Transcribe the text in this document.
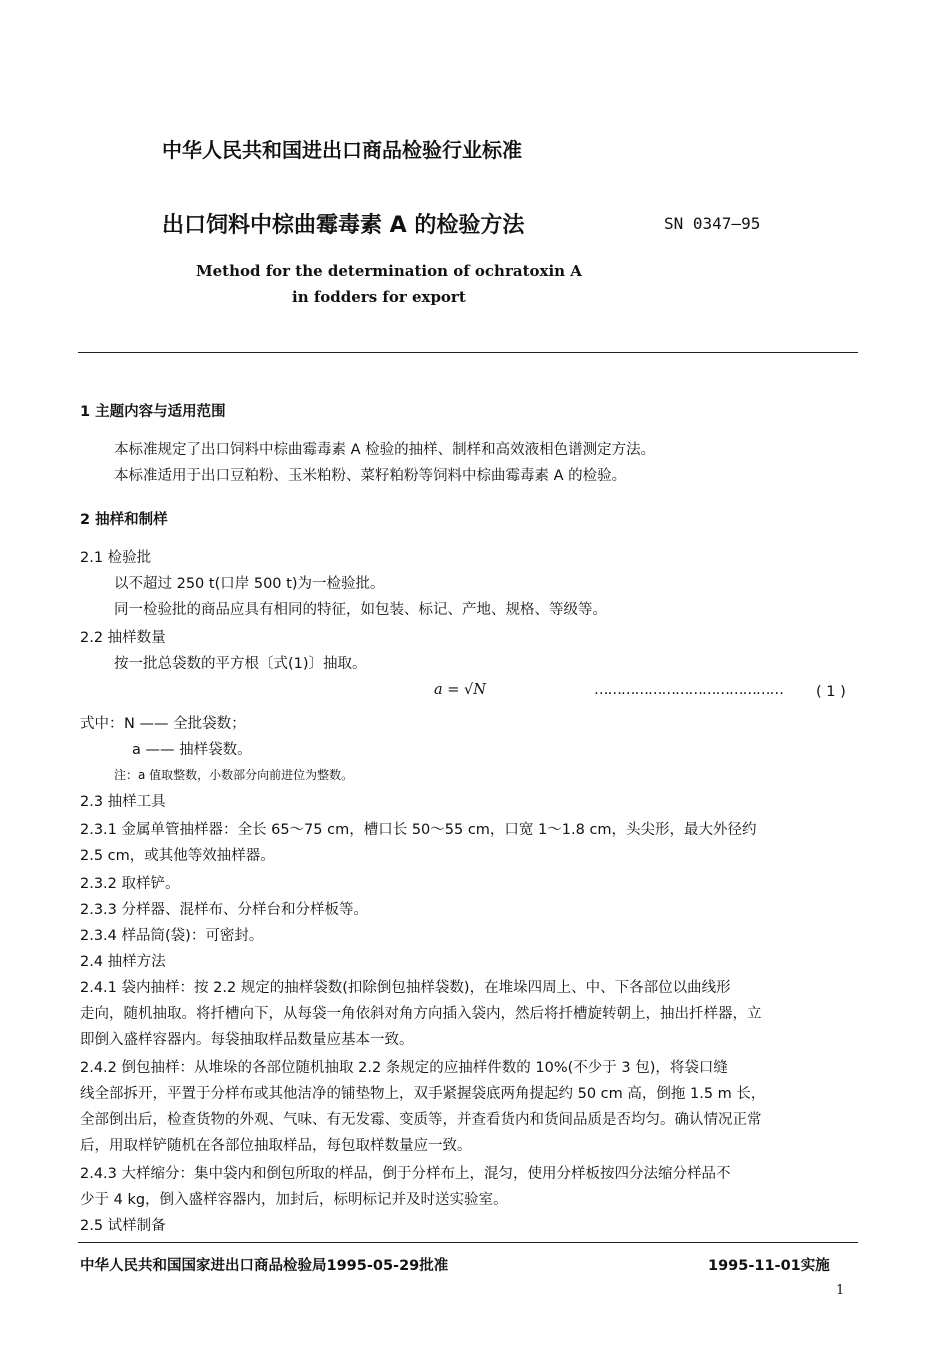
中华人民共和国进出口商品检验行业标准
出口饲料中棕曲霉毒素 A 的检验方法	SN 0347—95
Method for the determination of ochratoxin A
in fodders for export
1 主题内容与适用范围
本标准规定了出口饲料中棕曲霉毒素 A 检验的抽样、制样和高效液相色谱测定方法。
本标准适用于出口豆粕粉、玉米粕粉、菜籽粕粉等饲料中棕曲霉毒素 A 的检验。
2 抽样和制样
2.1 检验批
以不超过 250 t(口岸 500 t)为一检验批。
同一检验批的商品应具有相同的特征，如包装、标记、产地、规格、等级等。
2.2 抽样数量
按一批总袋数的平方根〔式(1)〕抽取。
a = √N	…………………………………… ( 1 )
式中： N —— 全批袋数；
a —— 抽样袋数。
注：a 值取整数，小数部分向前进位为整数。
2.3 抽样工具
2.3.1 金属单管抽样器：全长 65～75 cm，槽口长 50～55 cm，口宽 1～1.8 cm，头尖形，最大外径约
2.5 cm，或其他等效抽样器。
2.3.2 取样铲。
2.3.3 分样器、混样布、分样台和分样板等。
2.3.4 样品筒(袋)：可密封。
2.4 抽样方法
2.4.1 袋内抽样：按 2.2 规定的抽样袋数(扣除倒包抽样袋数)，在堆垛四周上、中、下各部位以曲线形
走向，随机抽取。将扦槽向下，从每袋一角依斜对角方向插入袋内，然后将扦槽旋转朝上，抽出扦样器，立
即倒入盛样容器内。每袋抽取样品数量应基本一致。
2.4.2 倒包抽样：从堆垛的各部位随机抽取 2.2 条规定的应抽样件数的 10%(不少于 3 包)，将袋口缝
线全部拆开，平置于分样布或其他洁净的铺垫物上，双手紧握袋底两角提起约 50 cm 高，倒拖 1.5 m 长，
全部倒出后，检查货物的外观、气味、有无发霉、变质等，并查看货内和货间品质是否均匀。确认情况正常
后，用取样铲随机在各部位抽取样品，每包取样数量应一致。
2.4.3 大样缩分：集中袋内和倒包所取的样品，倒于分样布上，混匀，使用分样板按四分法缩分样品不
少于 4 kg，倒入盛样容器内，加封后，标明标记并及时送实验室。
2.5 试样制备
中华人民共和国国家进出口商品检验局1995-05-29批准	1995-11-01实施
1
